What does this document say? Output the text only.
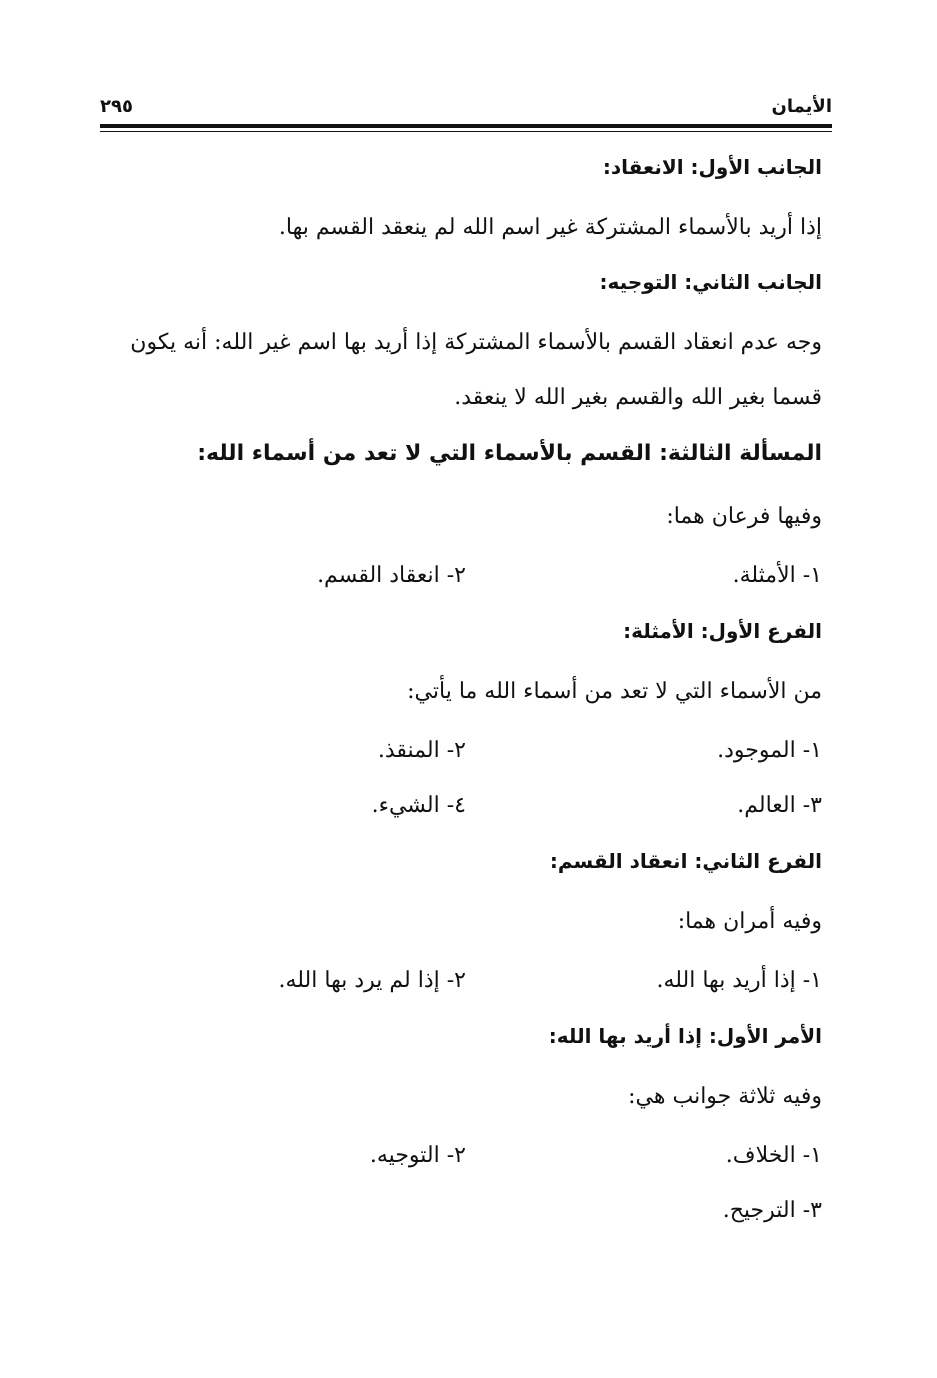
الأيمان
٢٩٥
الجانب الأول: الانعقاد:
إذا أريد بالأسماء المشتركة غير اسم الله لم ينعقد القسم بها.
الجانب الثاني: التوجيه:
وجه عدم انعقاد القسم بالأسماء المشتركة إذا أريد بها اسم غير الله: أنه يكون قسما بغير الله والقسم بغير الله لا ينعقد.
المسألة الثالثة: القسم بالأسماء التي لا تعد من أسماء الله:
وفيها فرعان هما:
١- الأمثلة.
٢- انعقاد القسم.
الفرع الأول: الأمثلة:
من الأسماء التي لا تعد من أسماء الله ما يأتي:
١- الموجود.
٢- المنقذ.
٣- العالم.
٤- الشيء.
الفرع الثاني: انعقاد القسم:
وفيه أمران هما:
١- إذا أريد بها الله.
٢- إذا لم يرد بها الله.
الأمر الأول: إذا أريد بها الله:
وفيه ثلاثة جوانب هي:
١- الخلاف.
٢- التوجيه.
٣- الترجيح.
